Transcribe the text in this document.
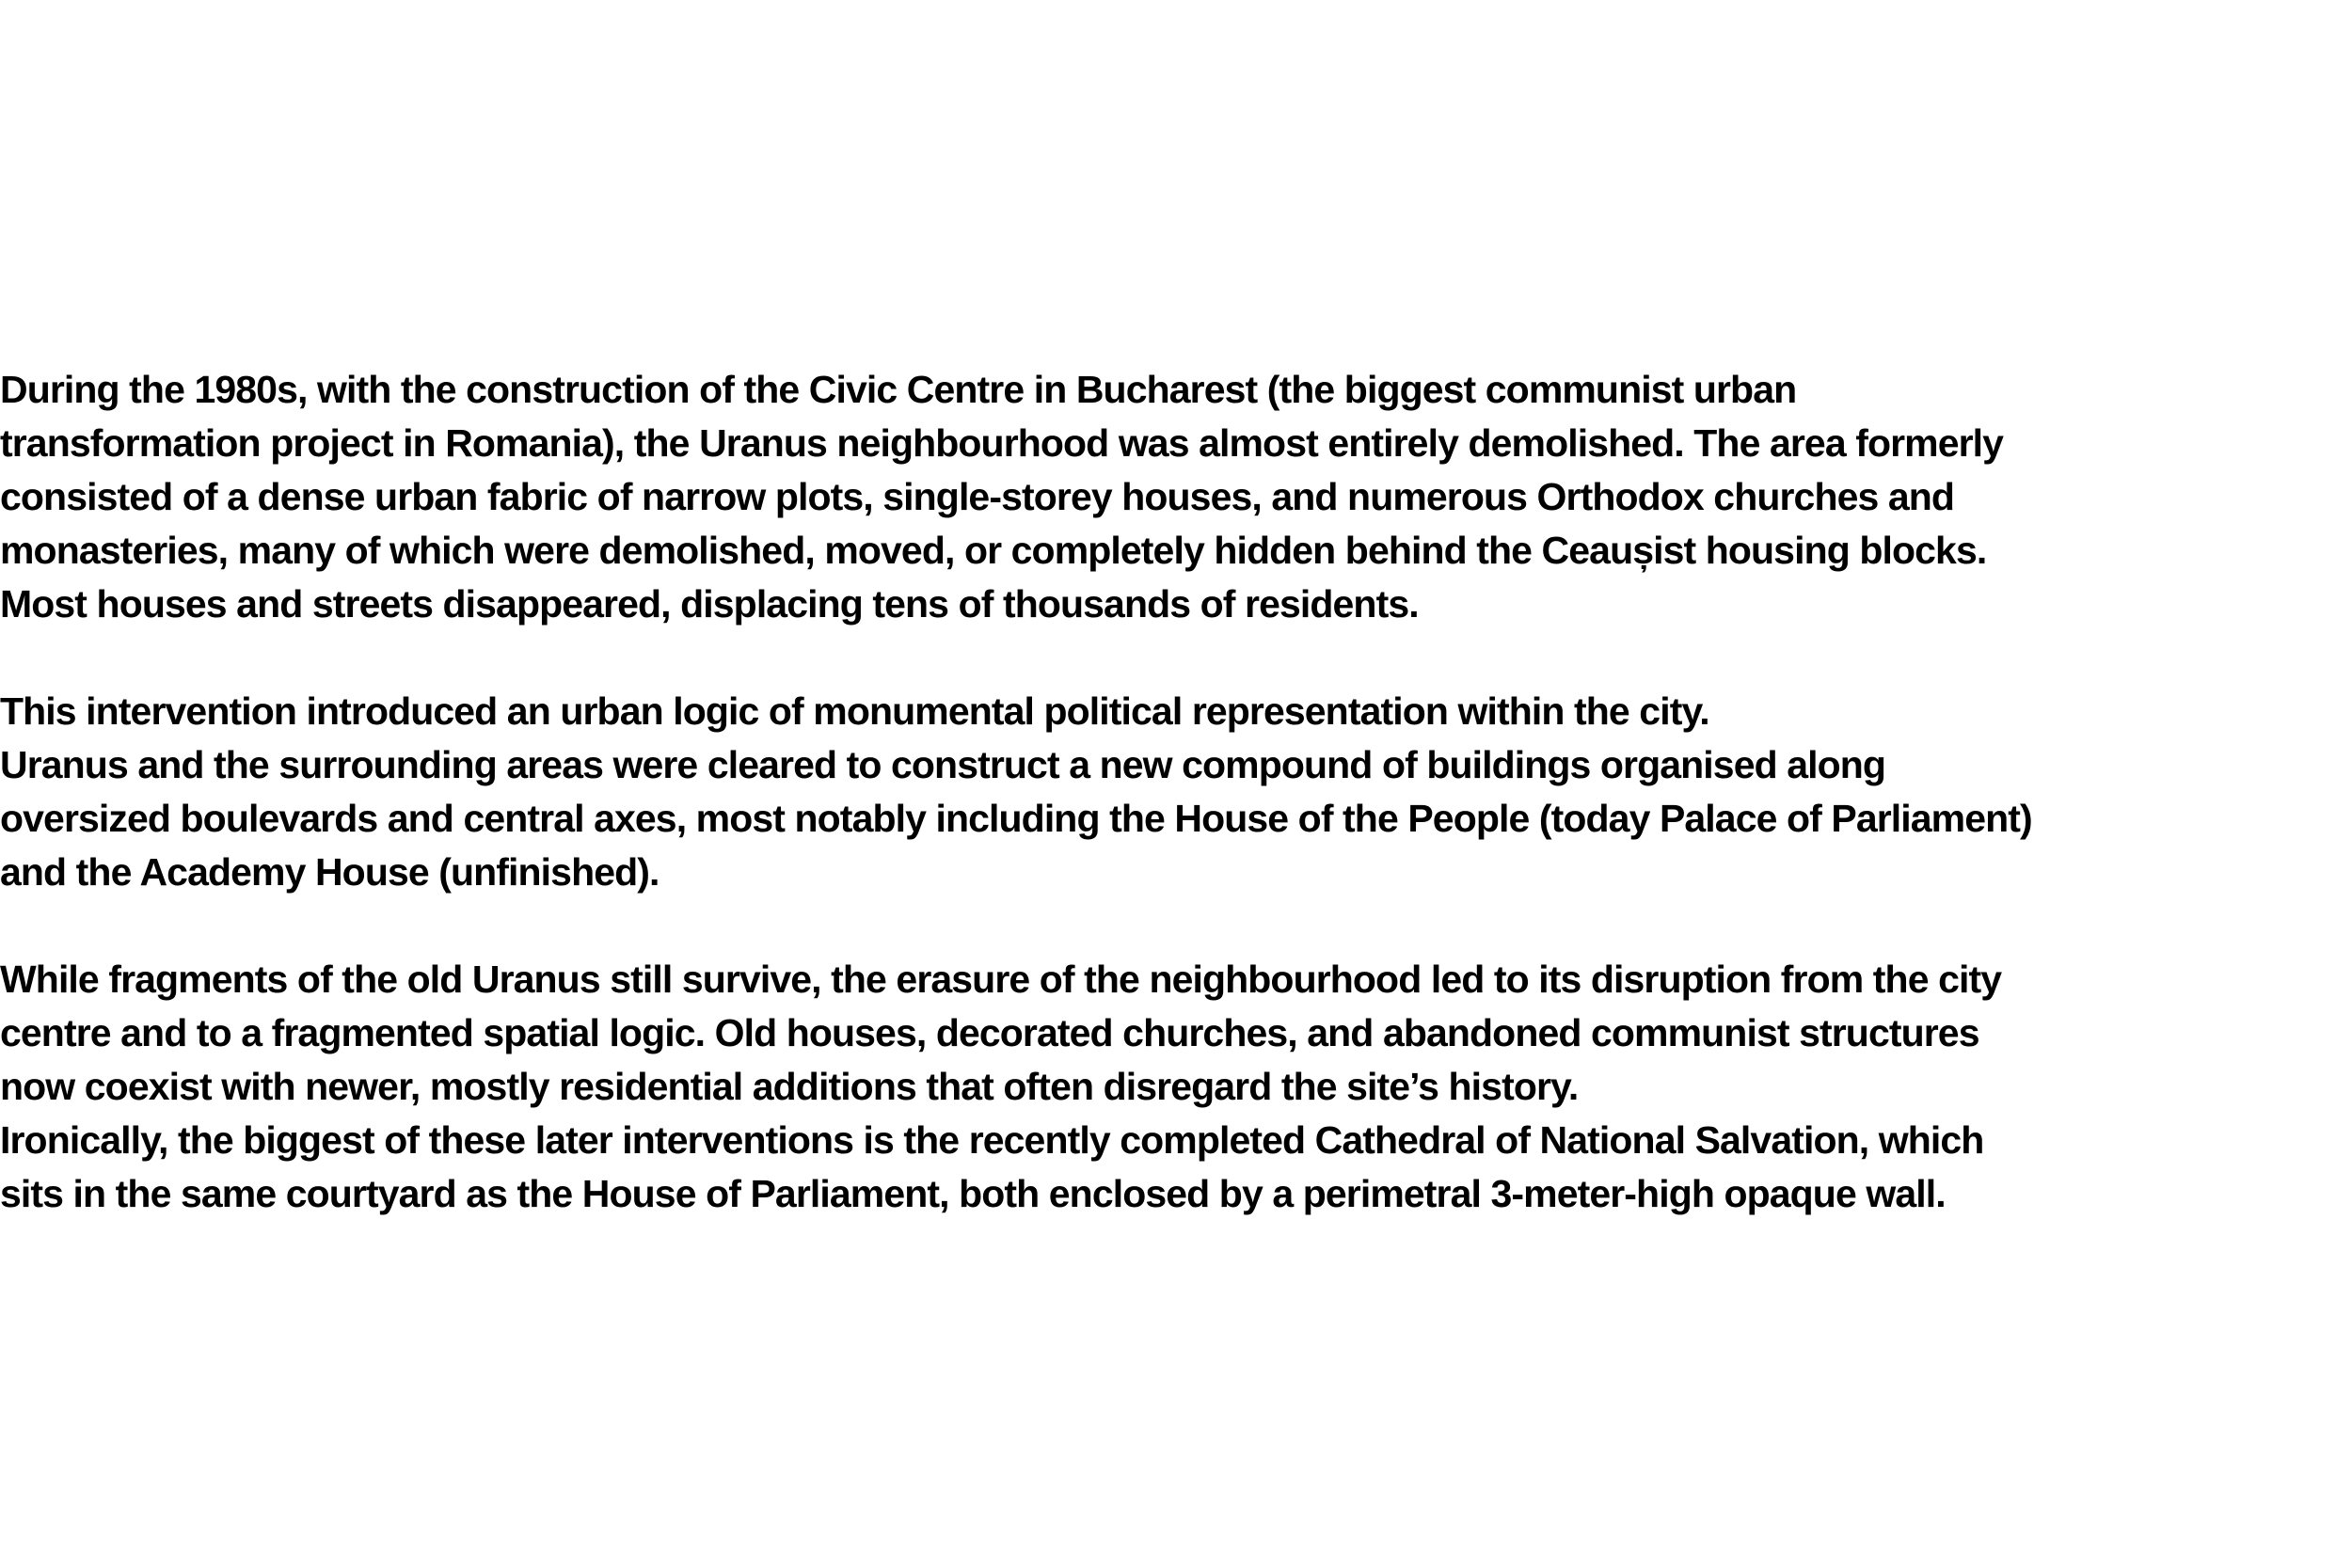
During the 1980s, with the construction of the Civic Centre in Bucharest (the biggest communist urban
transformation project in Romania), the Uranus neighbourhood was almost entirely demolished. The area formerly
consisted of a dense urban fabric of narrow plots, single-storey houses, and numerous Orthodox churches and
monasteries, many of which were demolished, moved, or completely hidden behind the Ceaușist housing blocks.
Most houses and streets disappeared, displacing tens of thousands of residents.

This intervention introduced an urban logic of monumental political representation within the city.
Uranus and the surrounding areas were cleared to construct a new compound of buildings organised along
oversized boulevards and central axes, most notably including the House of the People (today Palace of Parliament)
and the Academy House (unfinished).

While fragments of the old Uranus still survive, the erasure of the neighbourhood led to its disruption from the city
centre and to a fragmented spatial logic. Old houses, decorated churches, and abandoned communist structures
now coexist with newer, mostly residential additions that often disregard the site’s history.
Ironically, the biggest of these later interventions is the recently completed Cathedral of National Salvation, which
sits in the same courtyard as the House of Parliament, both enclosed by a perimetral 3-meter-high opaque wall.
